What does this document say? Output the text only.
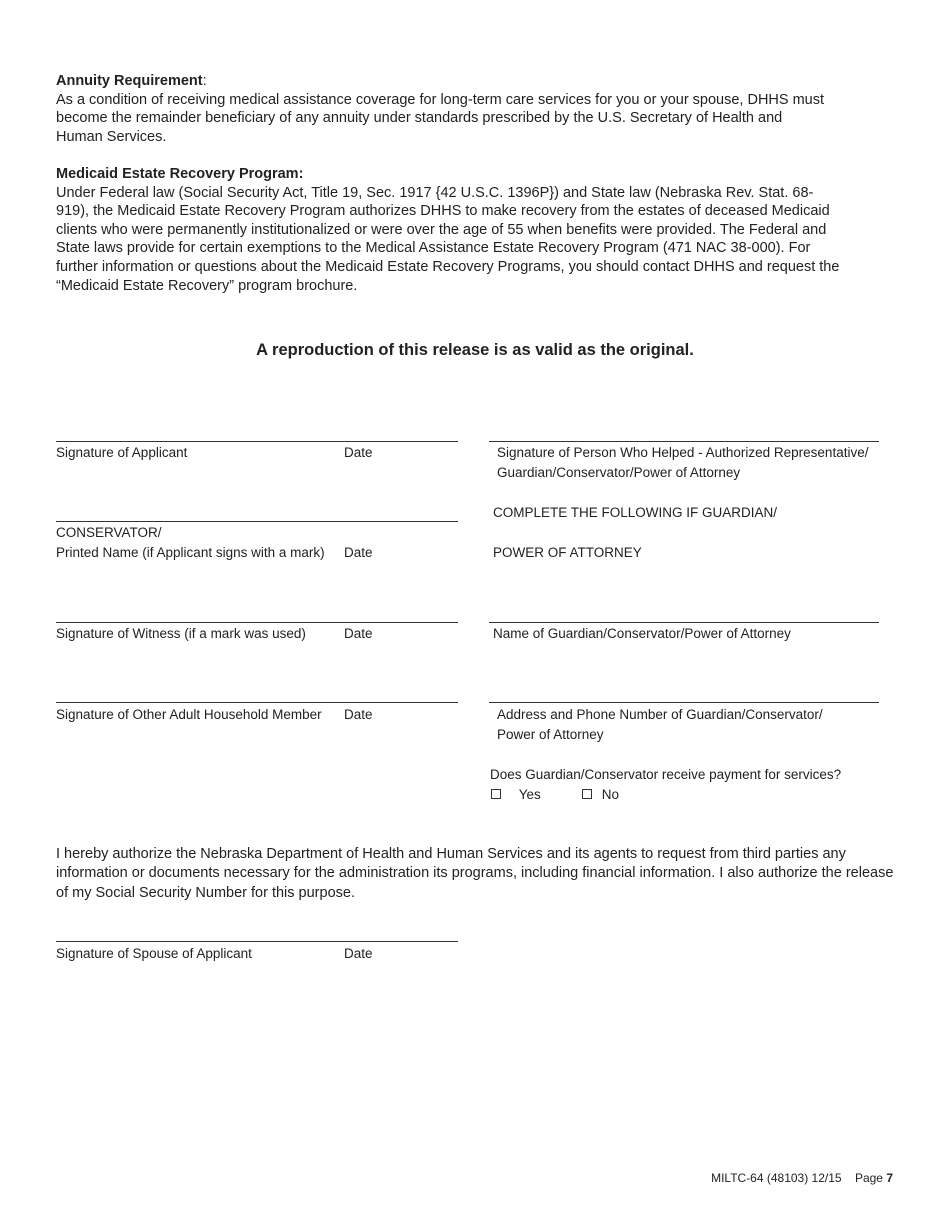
Annuity Requirement:
As a condition of receiving medical assistance coverage for long-term care services for you or your spouse, DHHS must become the remainder beneficiary of any annuity under standards prescribed by the U.S. Secretary of Health and Human Services.
Medicaid Estate Recovery Program:
Under Federal law (Social Security Act, Title 19, Sec. 1917 {42 U.S.C. 1396P}) and State law (Nebraska Rev. Stat. 68-919), the Medicaid Estate Recovery Program authorizes DHHS to make recovery from the estates of deceased Medicaid clients who were permanently institutionalized or were over the age of 55 when benefits were provided. The Federal and State laws provide for certain exemptions to the Medical Assistance Estate Recovery Program (471 NAC 38-000). For further information or questions about the Medicaid Estate Recovery Programs, you should contact DHHS and request the “Medicaid Estate Recovery” program brochure.
A reproduction of this release is as valid as the original.
Signature of Applicant	Date
CONSERVATOR/
Printed Name (if Applicant signs with a mark) Date
Signature of Witness (if a mark was used)	Date
Signature of Other Adult Household Member Date
Signature of Person Who Helped - Authorized Representative/ Guardian/Conservator/Power of Attorney
COMPLETE THE FOLLOWING IF GUARDIAN/
POWER OF ATTORNEY
Name of Guardian/Conservator/Power of Attorney
Address and Phone Number of Guardian/Conservator/ Power of Attorney
Does Guardian/Conservator receive payment for services?
Yes	No
I hereby authorize the Nebraska Department of Health and Human Services and its agents to request from third parties any information or documents necessary for the administration its programs, including financial information. I also authorize the release of my Social Security Number for this purpose.
Signature of Spouse of Applicant	Date
MILTC-64 (48103) 12/15 Page 7
